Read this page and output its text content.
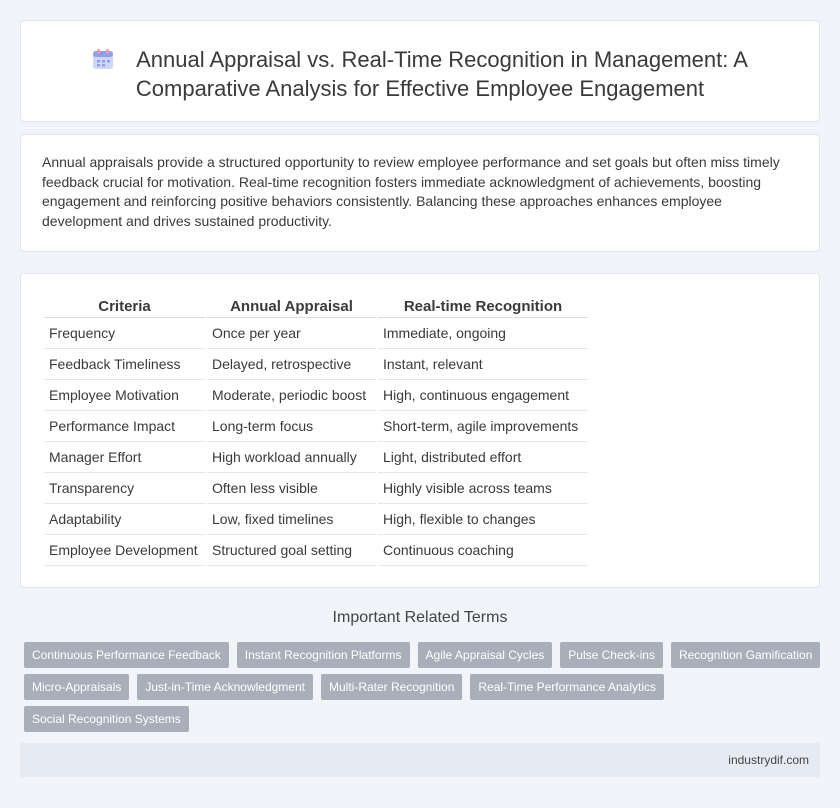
Annual Appraisal vs. Real-Time Recognition in Management: A Comparative Analysis for Effective Employee Engagement

Annual appraisals provide a structured opportunity to review employee performance and set goals but often miss timely feedback crucial for motivation. Real-time recognition fosters immediate acknowledgment of achievements, boosting engagement and reinforcing positive behaviors consistently. Balancing these approaches enhances employee development and drives sustained productivity.

Criteria	Annual Appraisal	Real-time Recognition
Frequency	Once per year	Immediate, ongoing
Feedback Timeliness	Delayed, retrospective	Instant, relevant
Employee Motivation	Moderate, periodic boost	High, continuous engagement
Performance Impact	Long-term focus	Short-term, agile improvements
Manager Effort	High workload annually	Light, distributed effort
Transparency	Often less visible	Highly visible across teams
Adaptability	Low, fixed timelines	High, flexible to changes
Employee Development	Structured goal setting	Continuous coaching
Important Related Terms
Continuous Performance Feedback	Instant Recognition Platforms	Agile Appraisal Cycles	Pulse Check-ins	Recognition Gamification
Micro-Appraisals	Just-in-Time Acknowledgment	Multi-Rater Recognition	Real-Time Performance Analytics
Social Recognition Systems
industrydif.com
